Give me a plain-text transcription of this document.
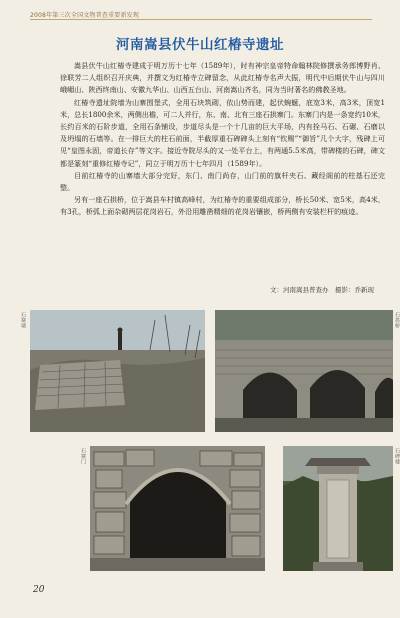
2008年第三次全国文物普查重要新发现
河南嵩县伏牛山红椿寺遗址

嵩县伏牛山红椿寺建成于明万历十七年（1589年），时有神宗皇帝特命翰林院修撰承务郎博野肖、徐联芳二人组织召开庆典，并撰文为红椿寺立碑留念，从此红椿寺名声大振，明代中后期伏牛山与四川峨嵋山、陕西终南山、安徽九华山、山西五台山、河南嵩山齐名，同为当时著名的佛教圣地。

红椿寺遗址院墙为山寨围堡式，全用石块筑砌，依山势而建，起伏蜿蜒，底宽3米，高3米，顶宽1米，总长1800余米，两侧出檐，可二人并行，东、南、北有三座石拱寨门。东寨门内是一条宽约10米，长约百米的石阶步道，全用石条铺设，步道尽头是一个十几亩的巨大平场，内有拴马石、石碾、石磨以及坍塌的石墙等。在一排巨大的柱石前面，半截厚重石碑碑头上刻有“钦赐”“御旨”几个大字，残碑上可见“皇图永固，帝道长存”等文字。接近寺院尽头的又一处平台上，有两通5.5米高，带碑楼的石碑，碑文都是篆刻“重修红椿寺记”，同立于明万历十七年四月（1589年）。

目前红椿寺的山寨墙大部分完好，东门、南门尚存，山门前的旗杆夹石、藏经阁前的柱基石还完整。

另有一座石拱桥，位于嵩县车村镇高峰村，为红椿寺的重要组成部分，桥长50米、宽5米，高4米，有3孔，桥弧上面杂砌两层花岗岩石，外沿用雕凿精细的花岗岩镶嵌，桥两侧有安装栏杆的痕迹。

文：河南嵩县普查办　摄影：乔新现
石寨墙	石拱桥
石寨门	石碑楼
20
